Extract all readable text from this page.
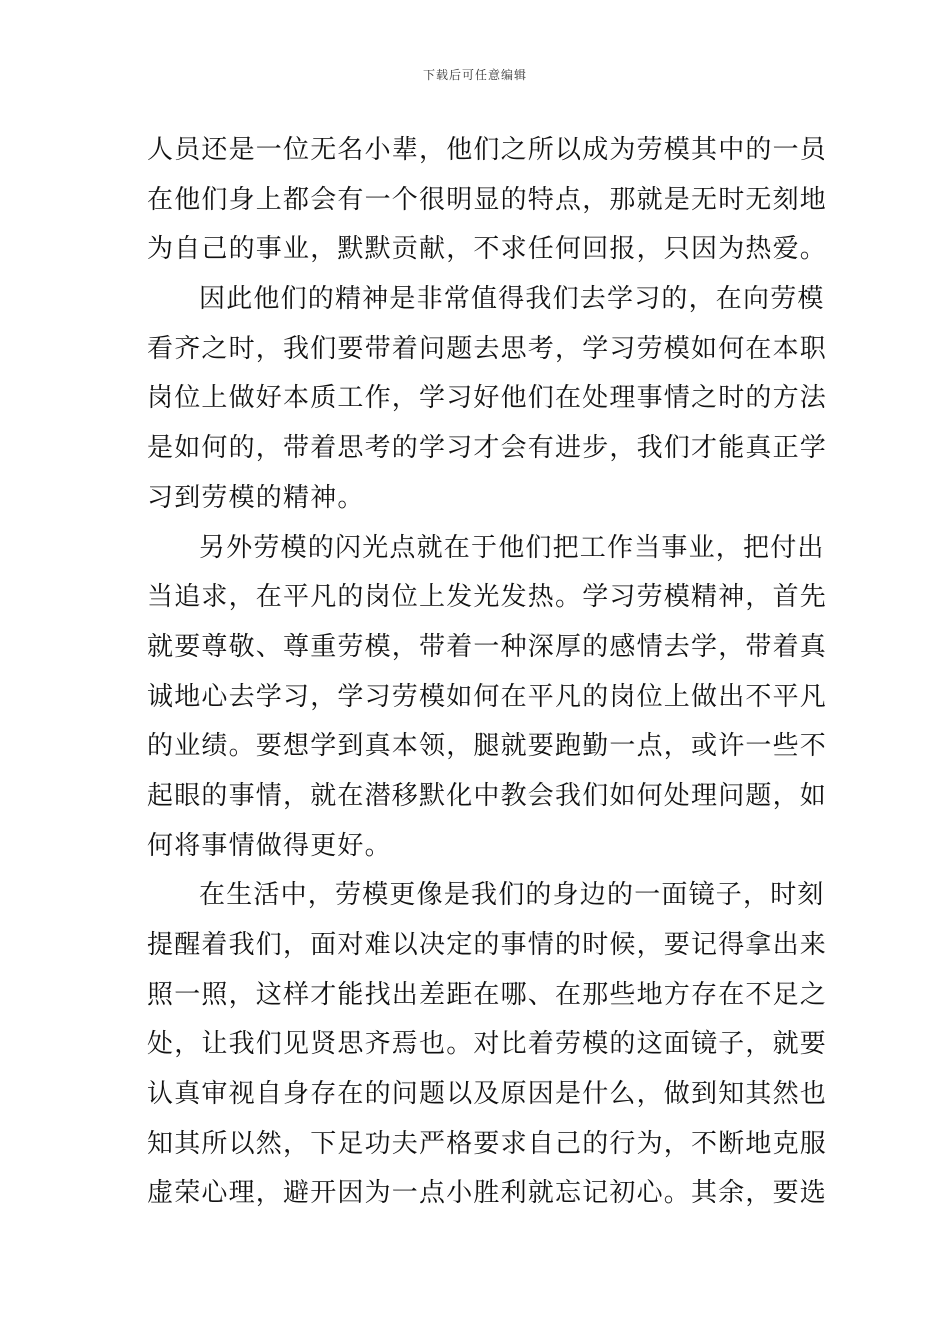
下载后可任意编辑
人员还是一位无名小辈，他们之所以成为劳模其中的一员
在他们身上都会有一个很明显的特点，那就是无时无刻地
为自己的事业，默默贡献，不求任何回报，只因为热爱。
因此他们的精神是非常值得我们去学习的，在向劳模
看齐之时，我们要带着问题去思考，学习劳模如何在本职
岗位上做好本质工作，学习好他们在处理事情之时的方法
是如何的，带着思考的学习才会有进步，我们才能真正学
习到劳模的精神。
另外劳模的闪光点就在于他们把工作当事业，把付出
当追求，在平凡的岗位上发光发热。学习劳模精神，首先
就要尊敬、尊重劳模，带着一种深厚的感情去学，带着真
诚地心去学习，学习劳模如何在平凡的岗位上做出不平凡
的业绩。要想学到真本领，腿就要跑勤一点，或许一些不
起眼的事情，就在潜移默化中教会我们如何处理问题，如
何将事情做得更好。
在生活中，劳模更像是我们的身边的一面镜子，时刻
提醒着我们，面对难以决定的事情的时候，要记得拿出来
照一照，这样才能找出差距在哪、在那些地方存在不足之
处，让我们见贤思齐焉也。对比着劳模的这面镜子，就要
认真审视自身存在的问题以及原因是什么，做到知其然也
知其所以然，下足功夫严格要求自己的行为，不断地克服
虚荣心理，避开因为一点小胜利就忘记初心。其余，要选
